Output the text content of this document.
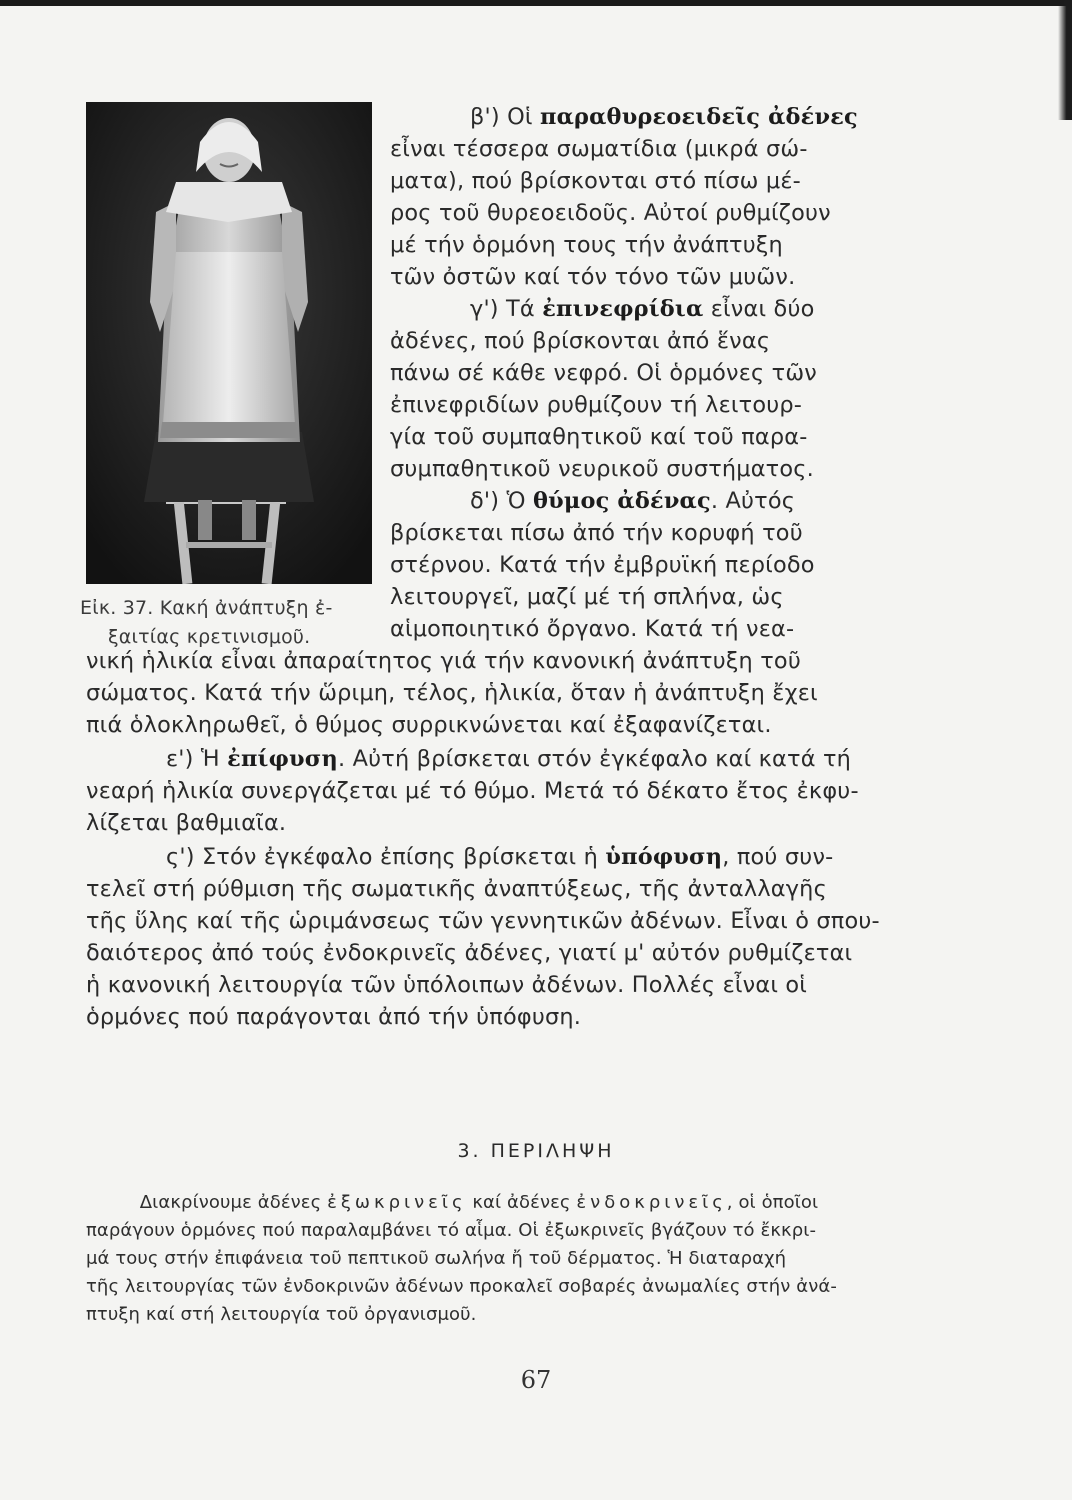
Εἰκ. 37. Κακή ἀνάπτυξη ἐ-
ξαιτίας κρετινισμοῦ.
β') Οἱ παραθυρεοειδεῖς ἀδένες
εἶναι τέσσερα σωματίδια (μικρά σώ-
ματα), πού βρίσκονται στό πίσω μέ-
ρος τοῦ θυρεοειδοῦς. Αὐτοί ρυθμίζουν
μέ τήν ὁρμόνη τους τήν ἀνάπτυξη
τῶν ὀστῶν καί τόν τόνο τῶν μυῶν.
γ') Τά ἐπινεφρίδια εἶναι δύο
ἀδένες, πού βρίσκονται ἀπό ἕνας
πάνω σέ κάθε νεφρό. Οἱ ὁρμόνες τῶν
ἐπινεφριδίων ρυθμίζουν τή λειτουρ-
γία τοῦ συμπαθητικοῦ καί τοῦ παρα-
συμπαθητικοῦ νευρικοῦ συστήματος.
δ') Ὁ θύμος ἀδένας. Αὐτός
βρίσκεται πίσω ἀπό τήν κορυφή τοῦ
στέρνου. Κατά τήν ἐμβρυϊκή περίοδο
λειτουργεῖ, μαζί μέ τή σπλήνα, ὡς
αἱμοποιητικό ὄργανο. Κατά τή νεα-
νική ἡλικία εἶναι ἀπαραίτητος γιά τήν κανονική ἀνάπτυξη τοῦ
σώματος. Κατά τήν ὥριμη, τέλος, ἡλικία, ὅταν ἡ ἀνάπτυξη ἔχει
πιά ὁλοκληρωθεῖ, ὁ θύμος συρρικνώνεται καί ἐξαφανίζεται.
ε') Ἡ ἐπίφυση. Αὐτή βρίσκεται στόν ἐγκέφαλο καί κατά τή
νεαρή ἡλικία συνεργάζεται μέ τό θύμο. Μετά τό δέκατο ἔτος ἐκφυ-
λίζεται βαθμιαῖα.
ς') Στόν ἐγκέφαλο ἐπίσης βρίσκεται ἡ ὑπόφυση, πού συν-
τελεῖ στή ρύθμιση τῆς σωματικῆς ἀναπτύξεως, τῆς ἀνταλλαγῆς
τῆς ὕλης καί τῆς ὡριμάνσεως τῶν γεννητικῶν ἀδένων. Εἶναι ὁ σπου-
δαιότερος ἀπό τούς ἐνδοκρινεῖς ἀδένες, γιατί μ' αὐτόν ρυθμίζεται
ἡ κανονική λειτουργία τῶν ὑπόλοιπων ἀδένων. Πολλές εἶναι οἱ
ὁρμόνες πού παράγονται ἀπό τήν ὑπόφυση.
3. ΠΕΡΙΛΗΨΗ
Διακρίνουμε ἀδένες ἐξωκρινεῖς καί ἀδένες ἐνδοκρινεῖς, οἱ ὁποῖοι
παράγουν ὁρμόνες πού παραλαμβάνει τό αἷμα. Οἱ ἐξωκρινεῖς βγάζουν τό ἔκκρι-
μά τους στήν ἐπιφάνεια τοῦ πεπτικοῦ σωλήνα ἤ τοῦ δέρματος. Ἡ διαταραχή
τῆς λειτουργίας τῶν ἐνδοκρινῶν ἀδένων προκαλεῖ σοβαρές ἀνωμαλίες στήν ἀνά-
πτυξη καί στή λειτουργία τοῦ ὀργανισμοῦ.
67
